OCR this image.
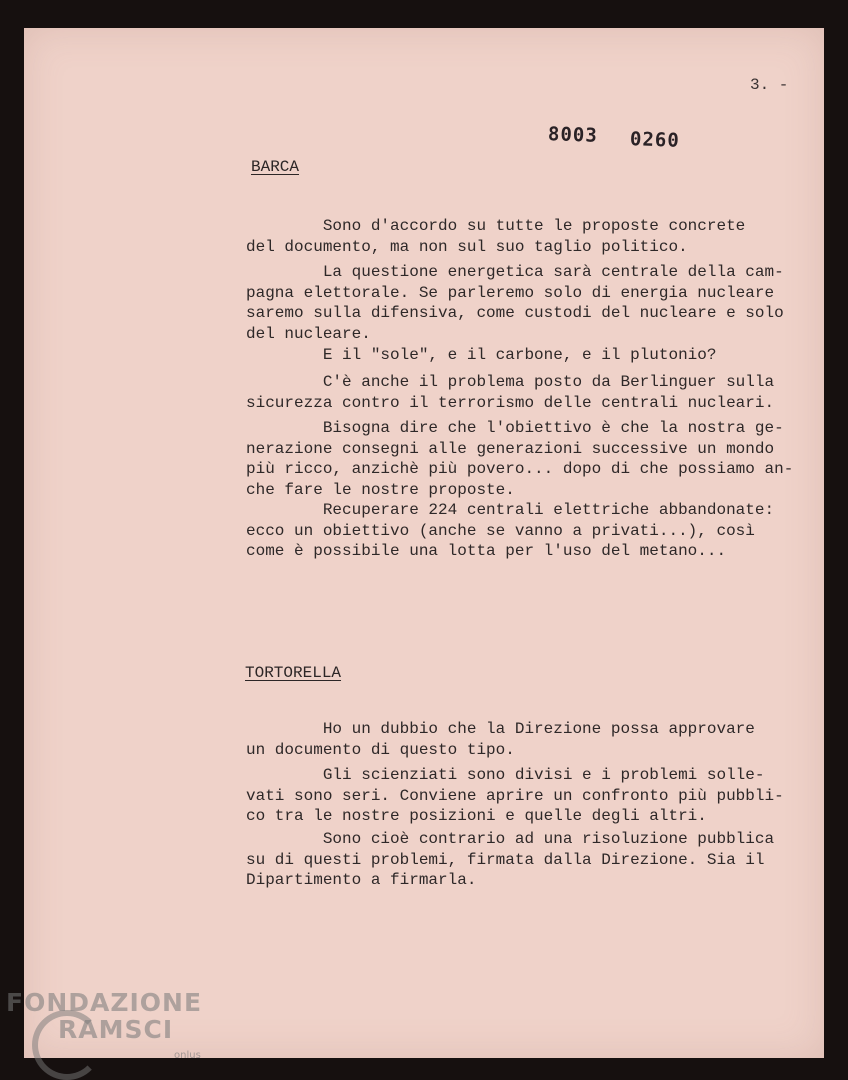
3. -
8003 0260
BARCA
Sono d'accordo su tutte le proposte concrete
del documento, ma non sul suo taglio politico.
La questione energetica sarà centrale della cam-
pagna elettorale. Se parleremo solo di energia nucleare
saremo sulla difensiva, come custodi del nucleare e solo
del nucleare.
E il "sole", e il carbone, e il plutonio?
C'è anche il problema posto da Berlinguer sulla
sicurezza contro il terrorismo delle centrali nucleari.
Bisogna dire che l'obiettivo è che la nostra ge-
nerazione consegni alle generazioni successive un mondo
più ricco, anzichè più povero... dopo di che possiamo an-
che fare le nostre proposte.
Recuperare 224 centrali elettriche abbandonate:
ecco un obiettivo (anche se vanno a privati...), così
come è possibile una lotta per l'uso del metano...
TORTORELLA
Ho un dubbio che la Direzione possa approvare
un documento di questo tipo.
Gli scienziati sono divisi e i problemi solle-
vati sono seri. Conviene aprire un confronto più pubbli-
co tra le nostre posizioni e quelle degli altri.
Sono cioè contrario ad una risoluzione pubblica
su di questi problemi, firmata dalla Direzione. Sia il
Dipartimento a firmarla.
FONDAZIONE
RAMSCI
onlus
